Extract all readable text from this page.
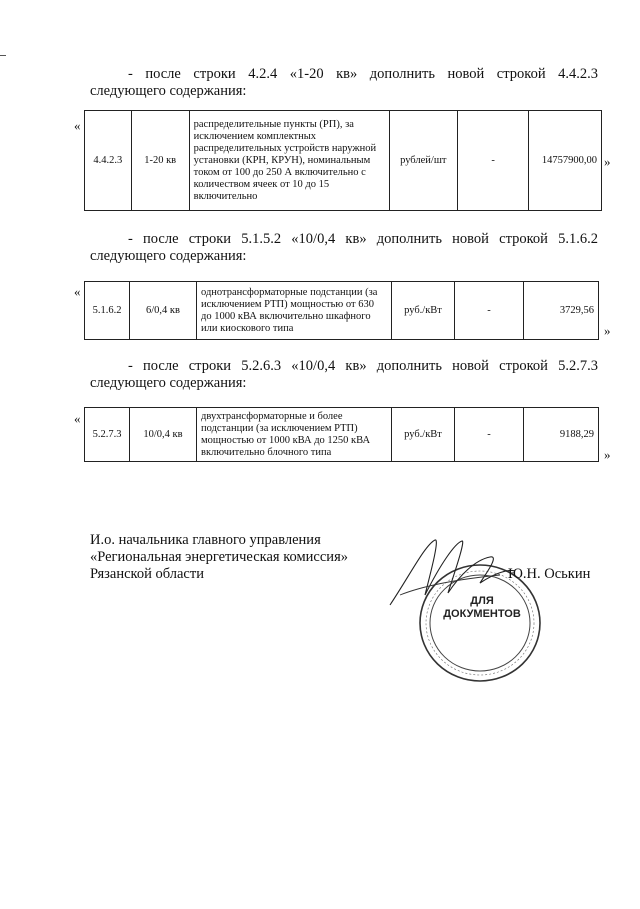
- после строки 4.2.4 «1-20 кв» дополнить новой строкой 4.4.2.3
следующего содержания:
«
4.4.2.3	1-20 кв	распределительные пункты (РП), за исключением комплектных распределительных устройств наружной установки (КРН, КРУН), номинальным током от 100 до 250 А включительно с количеством ячеек от 10 до 15 включительно	рублей/шт	-	14757900,00 »
- после строки 5.1.5.2 «10/0,4 кв» дополнить новой строкой 5.1.6.2
следующего содержания:
«
5.1.6.2	6/0,4 кв	однотрансформаторные подстанции (за исключением РТП) мощностью от 630 до 1000 кВА включительно шкафного или киоскового типа	руб./кВт	-	3729,56
»
- после строки 5.2.6.3 «10/0,4 кв» дополнить новой строкой 5.2.7.3
следующего содержания:
«
5.2.7.3	10/0,4 кв	двухтрансформаторные и более подстанции (за исключением РТП) мощностью от 1000 кВА до 1250 кВА включительно блочного типа	руб./кВт	-	9188,29
»
И.о. начальника главного управления
«Региональная энергетическая комиссия»
Рязанской области
ДЛЯ
ДОКУМЕНТОВ
Ю.Н. Оськин
